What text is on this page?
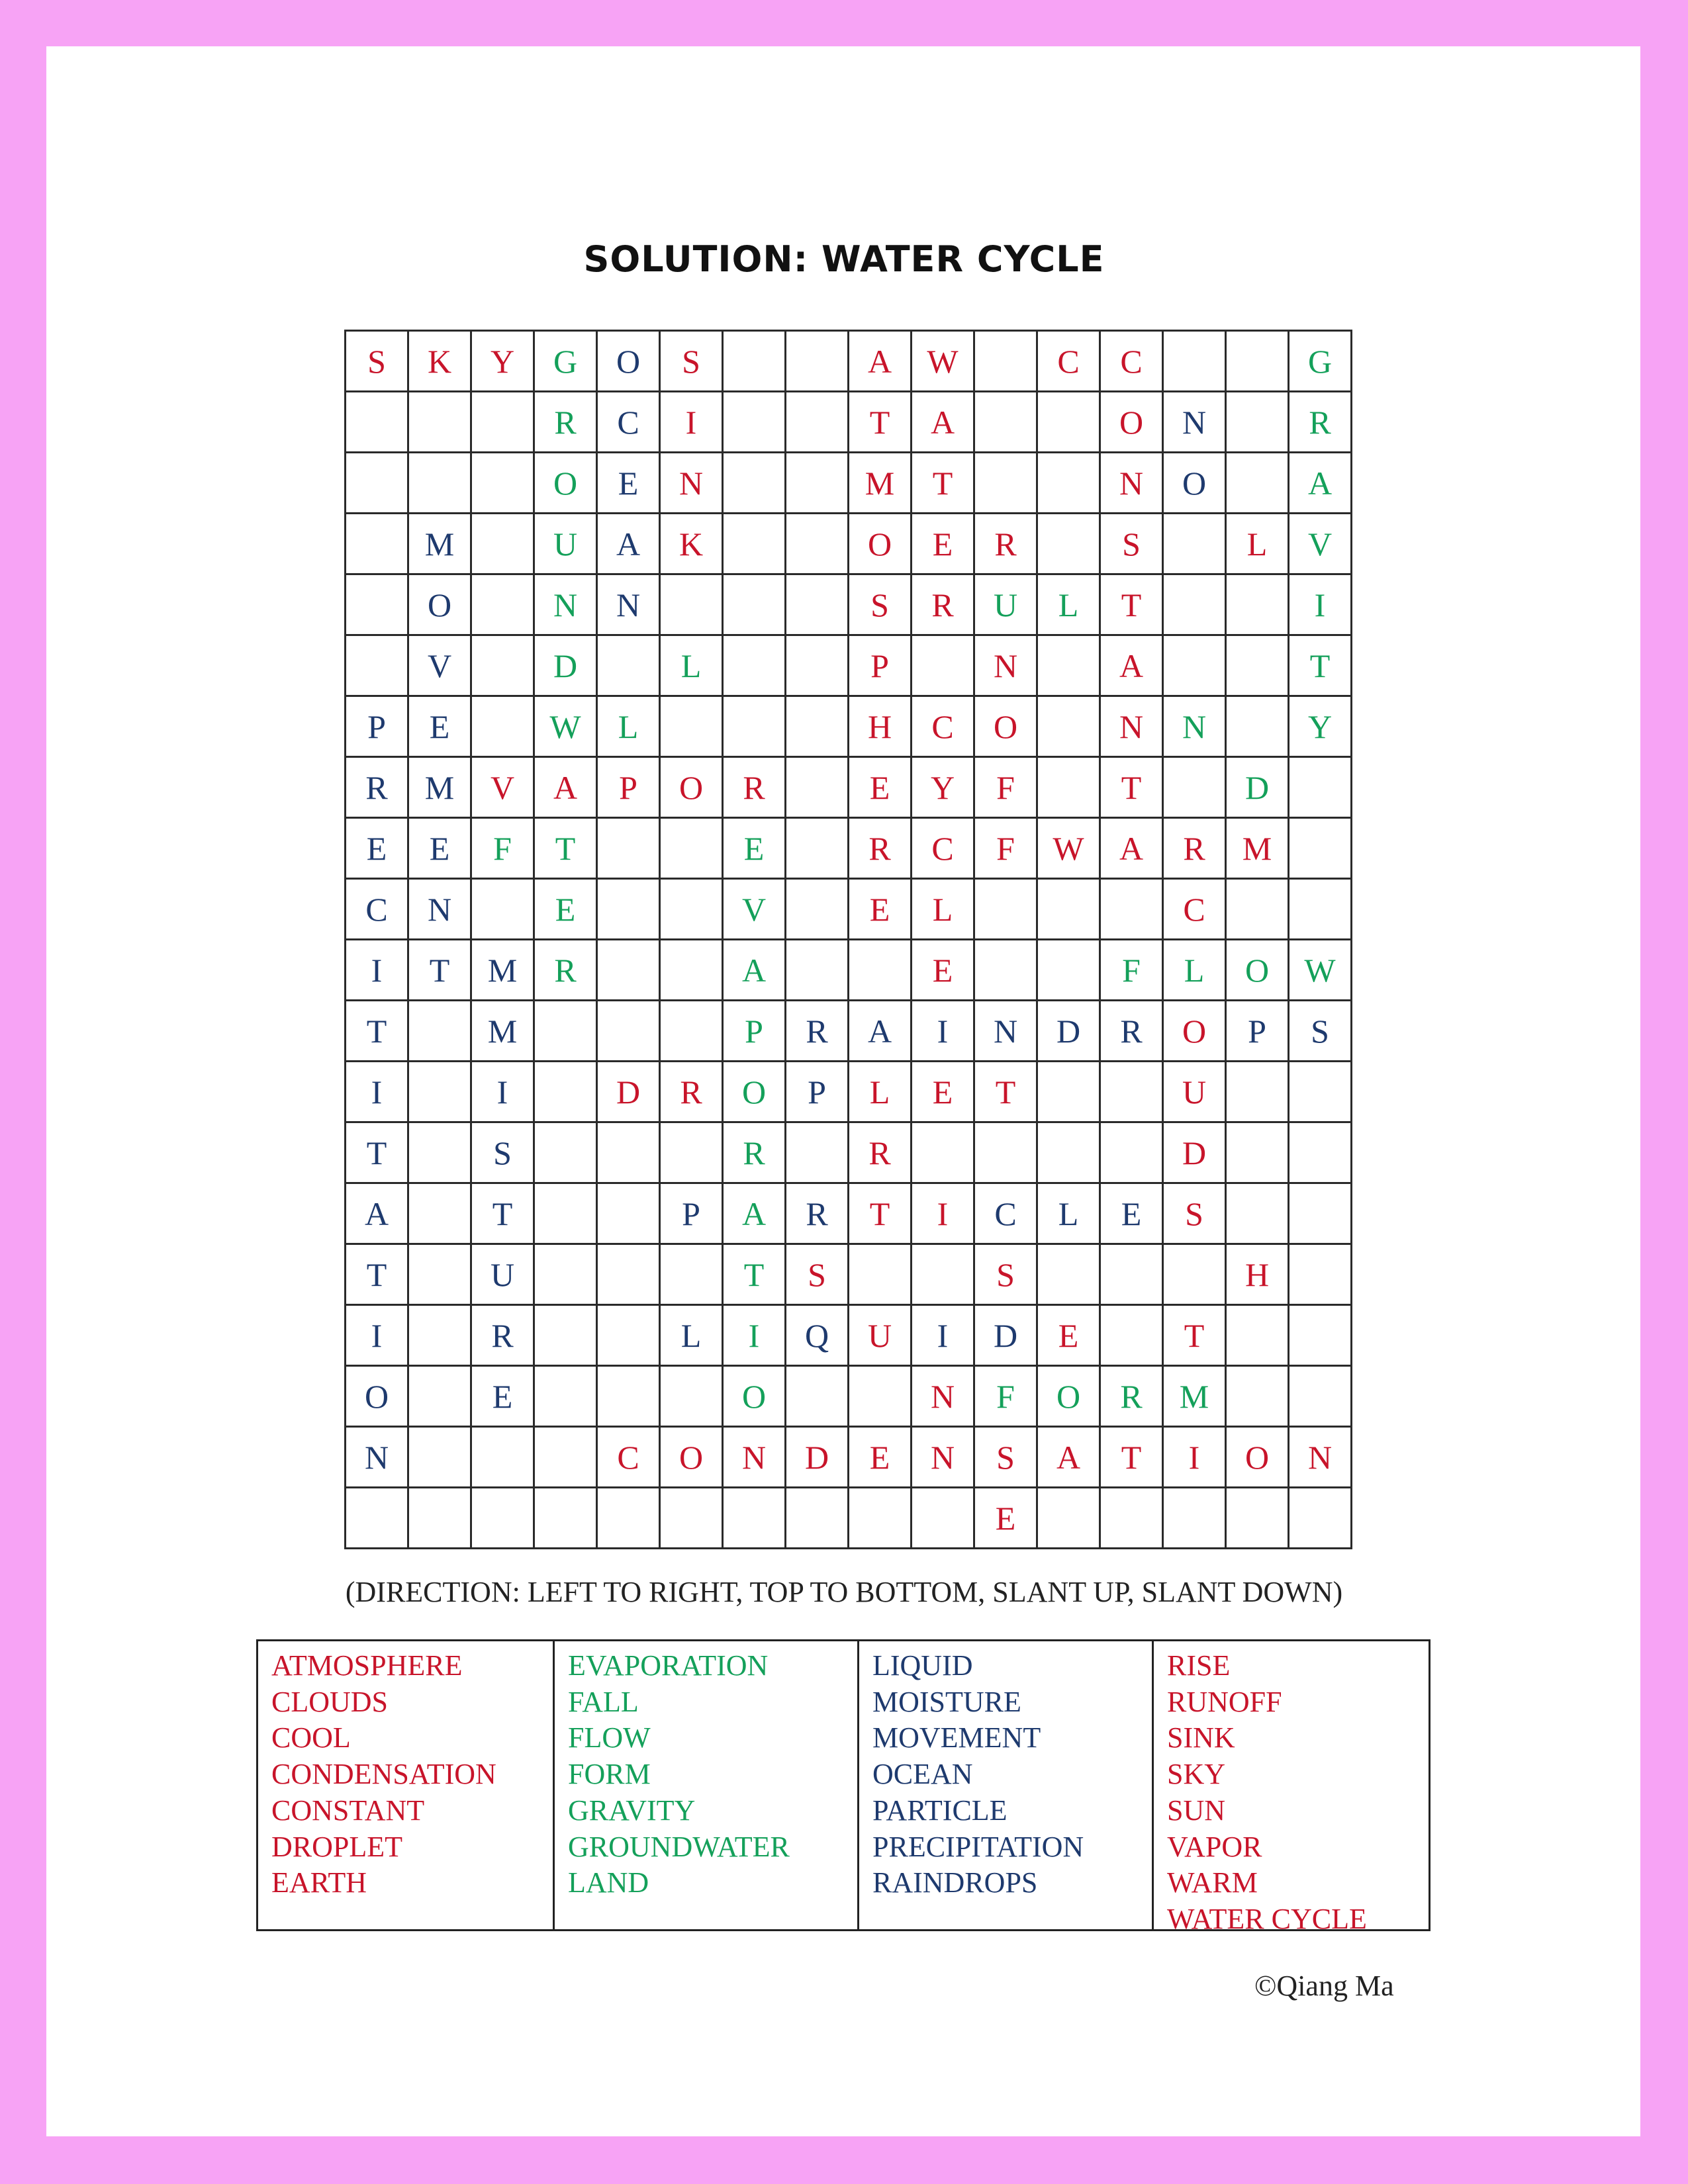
SOLUTION: WATER CYCLE
S	K	Y	G	O	S			A	W		C	C			G
			R	C	I			T	A			O	N		R
			O	E	N			M	T			N	O		A
	M		U	A	K			O	E	R		S		L	V
	O		N	N				S	R	U	L	T			I
	V		D		L			P		N		A			T
P	E		W	L				H	C	O		N	N		Y
R	M	V	A	P	O	R		E	Y	F		T		D	
E	E	F	T			E		R	C	F	W	A	R	M	
C	N		E			V		E	L				C		
I	T	M	R			A			E			F	L	O	W
T		M				P	R	A	I	N	D	R	O	P	S
I		I		D	R	O	P	L	E	T			U		
T		S				R		R					D		
A		T			P	A	R	T	I	C	L	E	S		
T		U				T	S			S				H	
I		R			L	I	Q	U	I	D	E		T		
O		E				O			N	F	O	R	M		
N				C	O	N	D	E	N	S	A	T	I	O	N
										E					
(DIRECTION: LEFT TO RIGHT, TOP TO BOTTOM, SLANT UP, SLANT DOWN)
ATMOSPHERE
CLOUDS
COOL
CONDENSATION
CONSTANT
DROPLET
EARTH
EVAPORATION
FALL
FLOW
FORM
GRAVITY
GROUNDWATER
LAND
LIQUID
MOISTURE
MOVEMENT
OCEAN
PARTICLE
PRECIPITATION
RAINDROPS
RISE
RUNOFF
SINK
SKY
SUN
VAPOR
WARM
WATER CYCLE
©Qiang Ma
